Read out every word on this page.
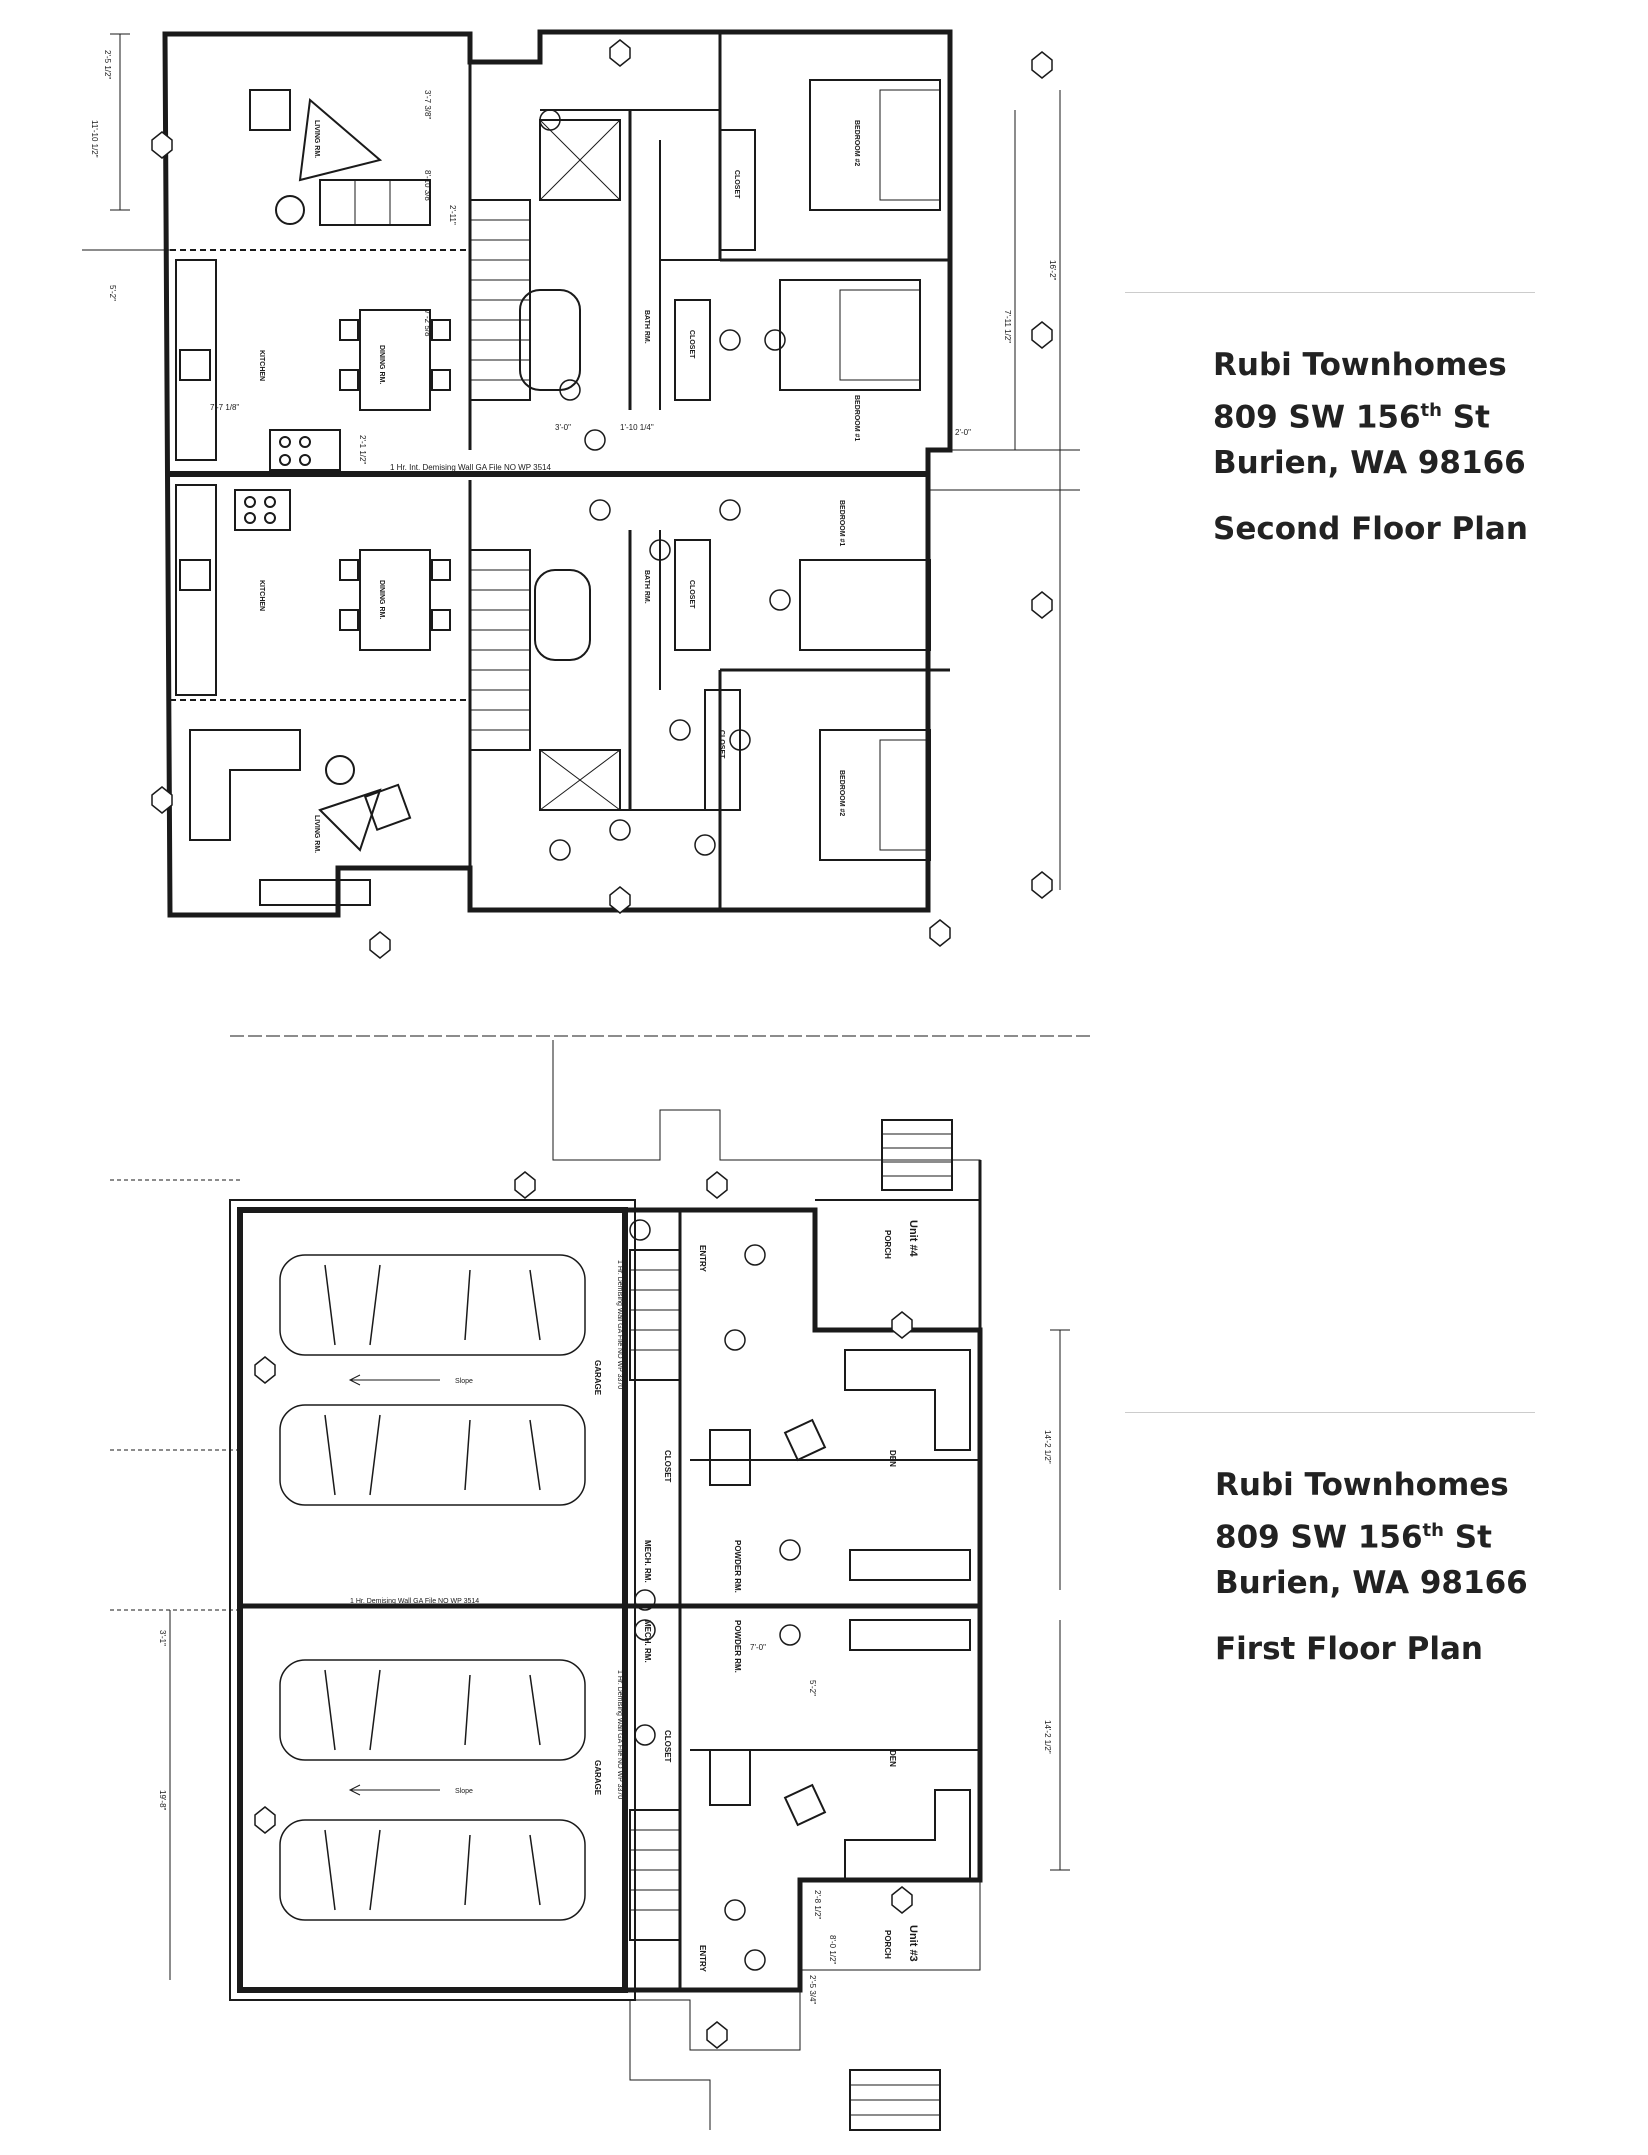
LIVING RM.
KITCHEN	DINING RM.
BEDROOM #2
BEDROOM #1
CLOSET
CLOSET
BATH RM.
KITCHEN	DINING RM.
LIVING RM.
BEDROOM #1
BEDROOM #2
CLOSET
CLOSET
BATH RM.
1 Hr. Int. Demising Wall GA File NO WP 3514
2'-5 1/2"
11'-10 1/2"
5'-2"
7'-7 1/8"
3'-7 3/8"
8'-10 3/8"
2'-11"
7'-2 5/8"	7'-11 1/2"
16'-2"
2'-0"
1'-10 1/4"
2'-1 1/2"
3'-0"
Rubi Townhomes
809 SW 156th St
Burien, WA 98166
Second Floor Plan
GARAGE
GARAGE
PORCH
PORCH
DEN
DEN
CLOSET
CLOSET
POWDER RM.
POWDER RM.
MECH. RM.
MECH. RM.
ENTRY
ENTRY
Unit #4
Unit #3
Slope
Slope
1 Hr. Demising Wall GA File NO WP 3514
1 Hr. Demising Wall GA File NO WP 3370
1 Hr. Demising Wall GA File NO WP 3370
14'-2 1/2"
14'-2 1/2"
19'-8"
3'-1"
7'-0"
5'-2"
2'-8 1/2"
2'-5 3/4"
8'-0 1/2"
Rubi Townhomes
809 SW 156th St
Burien, WA 98166
First Floor Plan
